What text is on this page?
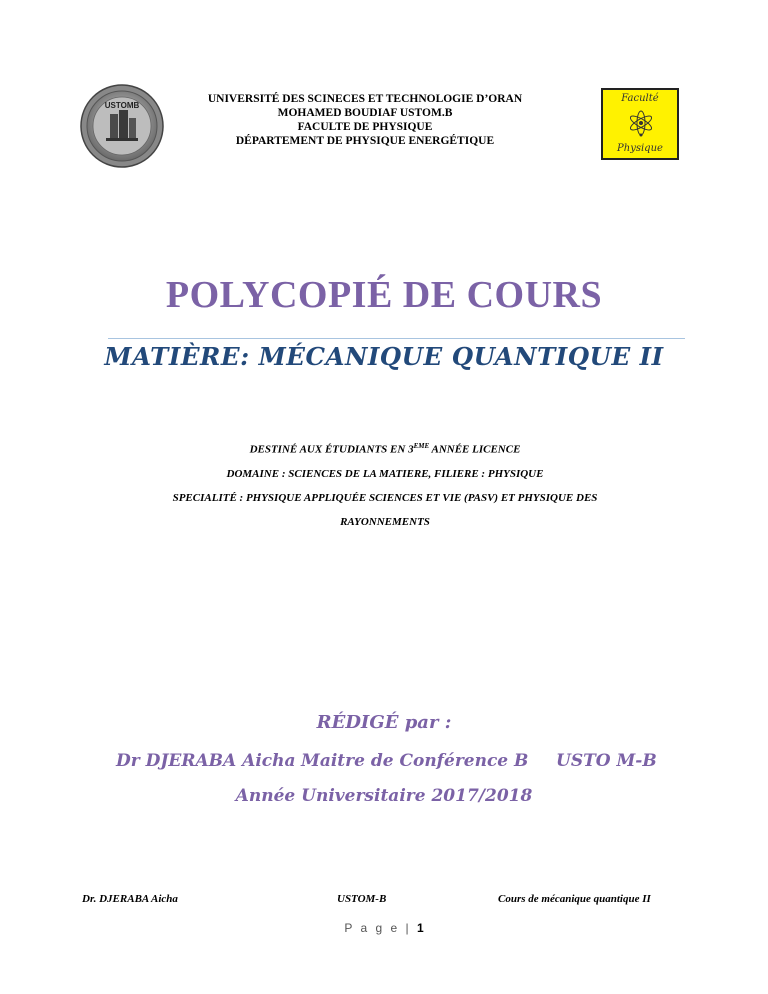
USTOMB
UNIVERSITÉ DES SCINECES ET TECHNOLOGIE D’ORAN
MOHAMED BOUDIAF USTOM.B
FACULTE DE PHYSIQUE
DÉPARTEMENT DE PHYSIQUE ENERGÉTIQUE
Faculté
Physique
POLYCOPIÉ DE COURS
MATIÈRE: MÉCANIQUE QUANTIQUE II
DESTINÉ AUX ÉTUDIANTS EN 3EME ANNÉE LICENCE
DOMAINE : SCIENCES DE LA MATIERE, FILIERE : PHYSIQUE
SPECIALITÉ : PHYSIQUE APPLIQUÉE SCIENCES ET VIE (PASV) ET PHYSIQUE DES
RAYONNEMENTS
RÉDIGÉ par :
Dr DJERABA Aicha Maitre de Conférence B USTO M-B
Année Universitaire 2017/2018
Dr. DJERABA Aicha	USTOM-B	Cours de mécanique quantique II
P a g e | 1
